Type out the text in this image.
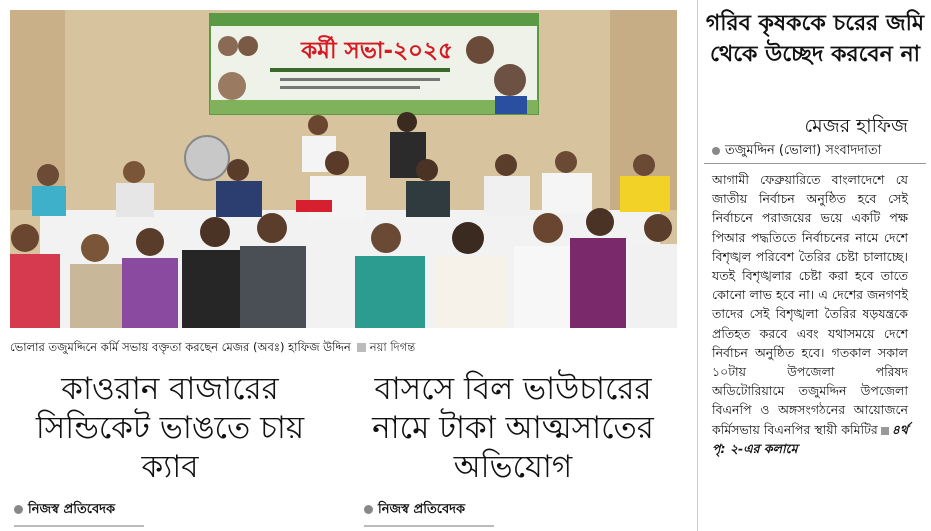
কর্মী সভা-২০২৫
ভোলার তজুমদ্দিনে কর্মি সভায় বক্তৃতা করছেন মেজর (অবঃ) হাফিজ উদ্দিন নয়া দিগন্ত
কাওরান বাজারের সিন্ডিকেট ভাঙতে চায় ক্যাব
নিজস্ব প্রতিবেদক
বাসসে বিল ভাউচারের নামে টাকা আত্মসাতের অভিযোগ
নিজস্ব প্রতিবেদক
গরিব কৃষককে চরের জমি থেকে উচ্ছেদ করবেন না
মেজর হাফিজ
তজুমদ্দিন (ভোলা) সংবাদদাতা
আগামী ফেব্রুয়ারিতে বাংলাদেশে যে জাতীয় নির্বাচন অনুষ্ঠিত হবে সেই নির্বাচনে পরাজয়ের ভয়ে একটি পক্ষ পিআর পদ্ধতিতে নির্বাচনের নামে দেশে বিশৃঙ্খল পরিবেশ তৈরির চেষ্টা চালাচ্ছে। যতই বিশৃঙ্খলার চেষ্টা করা হবে তাতে কোনো লাভ হবে না। এ দেশের জনগণই তাদের সেই বিশৃঙ্খলা তৈরির ষড়যন্ত্রকে প্রতিহত করবে এবং যথাসময়ে দেশে নির্বাচন অনুষ্ঠিত হবে। গতকাল সকাল ১০টায় উপজেলা পরিষদ অডিটোরিয়ামে তজুমদ্দিন উপজেলা বিএনপি ও অঙ্গসংগঠনের আয়োজনে কর্মিসভায় বিএনপির স্থায়ী কমিটির ৪র্থ পৃ: ২-এর কলামে
